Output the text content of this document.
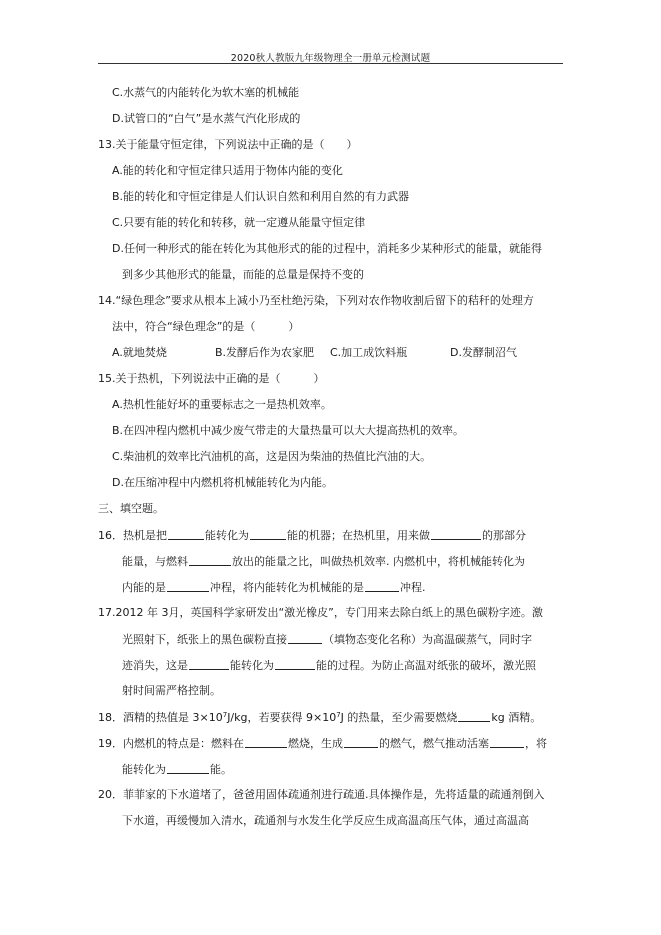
2020秋人教版九年级物理全一册单元检测试题
C.水蒸气的内能转化为软木塞的机械能
D.试管口的“白气”是水蒸气汽化形成的
13.关于能量守恒定律，下列说法中正确的是（　　）
A.能的转化和守恒定律只适用于物体内能的变化
B.能的转化和守恒定律是人们认识自然和利用自然的有力武器
C.只要有能的转化和转移，就一定遵从能量守恒定律
D.任何一种形式的能在转化为其他形式的能的过程中，消耗多少某种形式的能量，就能得
到多少其他形式的能量，而能的总量是保持不变的
14.“绿色理念”要求从根本上减小乃至杜绝污染，下列对农作物收割后留下的秸秆的处理方
法中，符合“绿色理念”的是（　　　）
A.就地焚烧	B.发酵后作为农家肥 C.加工成饮料瓶	D.发酵制沼气
15.关于热机，下列说法中正确的是（　　　）
A.热机性能好坏的重要标志之一是热机效率。
B.在四冲程内燃机中减少废气带走的大量热量可以大大提高热机的效率。
C.柴油机的效率比汽油机的高，这是因为柴油的热值比汽油的大。
D.在压缩冲程中内燃机将机械能转化为内能。
三、填空题。
16．热机是把	能转化为	能的机器；在热机里，用来做	的那部分
能量，与燃料	放出的能量之比，叫做热机效率. 内燃机中，将机械能转化为
内能的是	冲程，将内能转化为机械能的是	冲程.
17.2012 年 3月，英国科学家研发出“激光橡皮”，专门用来去除白纸上的黑色碳粉字迹。激
光照射下，纸张上的黑色碳粉直接	（填物态变化名称）为高温碳蒸气，同时字
迹消失，这是	能转化为	能的过程。为防止高温对纸张的破坏，激光照
射时间需严格控制。
18．酒精的热值是 $3\times 10^7J/kg$，若要获得 $9\times 10^7J$ 的热量，至少需要燃烧	kg 酒精。
19．内燃机的特点是：燃料在	燃烧，生成	的燃气，燃气推动活塞	，将
能转化为	能。
20．菲菲家的下水道堵了，爸爸用固体疏通剂进行疏通.具体操作是，先将适量的疏通剂倒入
下水道，再缓慢加入清水，疏通剂与水发生化学反应生成高温高压气体，通过高温高
